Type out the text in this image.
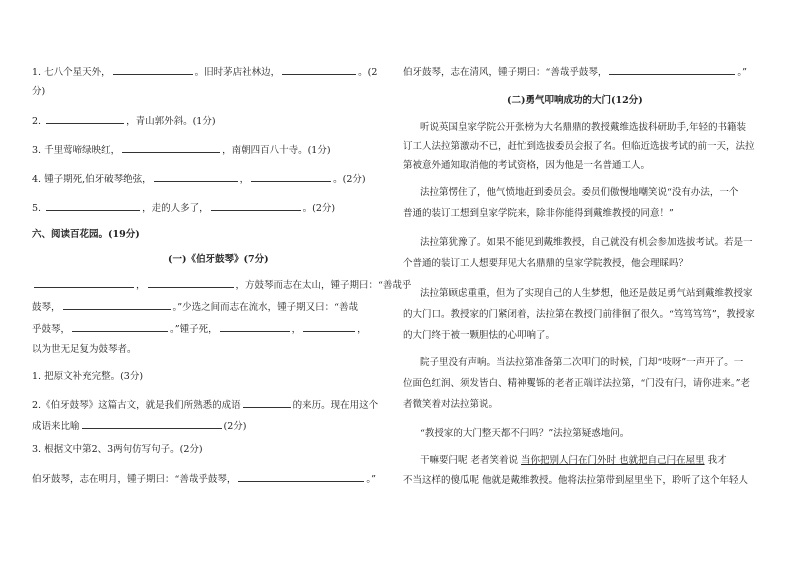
1. 七八个星天外，	。旧时茅店社林边，	。(2
分)
2.	，青山郭外斜。(1分)
3. 千里莺啼绿映红，	，南朝四百八十寺。(1分)
4. 锺子期死,伯牙破琴绝弦，	，	。(2分)
5.	，走的人多了，	。(2分)
六、阅读百花园。(19分)
(一)《伯牙鼓琴》(7分)
，	，方鼓琴而志在太山，锺子期曰：“善哉乎
鼓琴，	。”少选之间而志在流水，锺子期又曰：“善哉
乎鼓琴，	。”锺子死，	，	，
以为世无足复为鼓琴者。
1. 把原文补充完整。(3分)
2.《伯牙鼓琴》这篇古文，就是我们所熟悉的成语	的来历。现在用这个
成语来比喻	(2分)
3. 根据文中第2、3两句仿写句子。(2分)
伯牙鼓琴，志在明月，锺子期曰：“善哉乎鼓琴，	。”
伯牙鼓琴，志在清风，锺子期曰：“善哉乎鼓琴，	。”
(二)勇气叩响成功的大门(12分)
听说英国皇家学院公开张榜为大名鼎鼎的教授戴维选拔科研助手,年轻的书籍装
订工人法拉第激动不已，赶忙到选拔委员会报了名。但临近选拔考试的前一天，法拉
第被意外通知取消他的考试资格，因为他是一名普通工人。
法拉第愣住了，他气愤地赶到委员会。委员们傲慢地嘲笑说“没有办法，一个
普通的装订工想到皇家学院来，除非你能得到戴维教授的同意！”
法拉第犹豫了。如果不能见到戴维教授，自己就没有机会参加选拔考试。若是一
个普通的装订工人想要拜见大名鼎鼎的皇家学院教授，他会理睬吗？
法拉第顾虑重重，但为了实现自己的人生梦想，他还是鼓足勇气站到戴维教授家
的大门口。教授家的门紧闭着，法拉第在教授门前徘徊了很久。“笃笃笃笃”，教授家
的大门终于被一颗胆怯的心叩响了。
院子里没有声响。当法拉第准备第二次叩门的时候，门却“吱呀”一声开了。一
位面色红润、须发皆白、精神矍铄的老者正端详法拉第，“门没有闩，请你进来。”老
者微笑着对法拉第说。
“教授家的大门整天都不闩吗？”法拉第疑惑地问。
干嘛要闩呢 老者笑着说 当你把别人闩在门外时 也就把自己闩在屋里 我才
不当这样的傻瓜呢 他就是戴维教授。他将法拉第带到屋里坐下，聆听了这个年轻人
